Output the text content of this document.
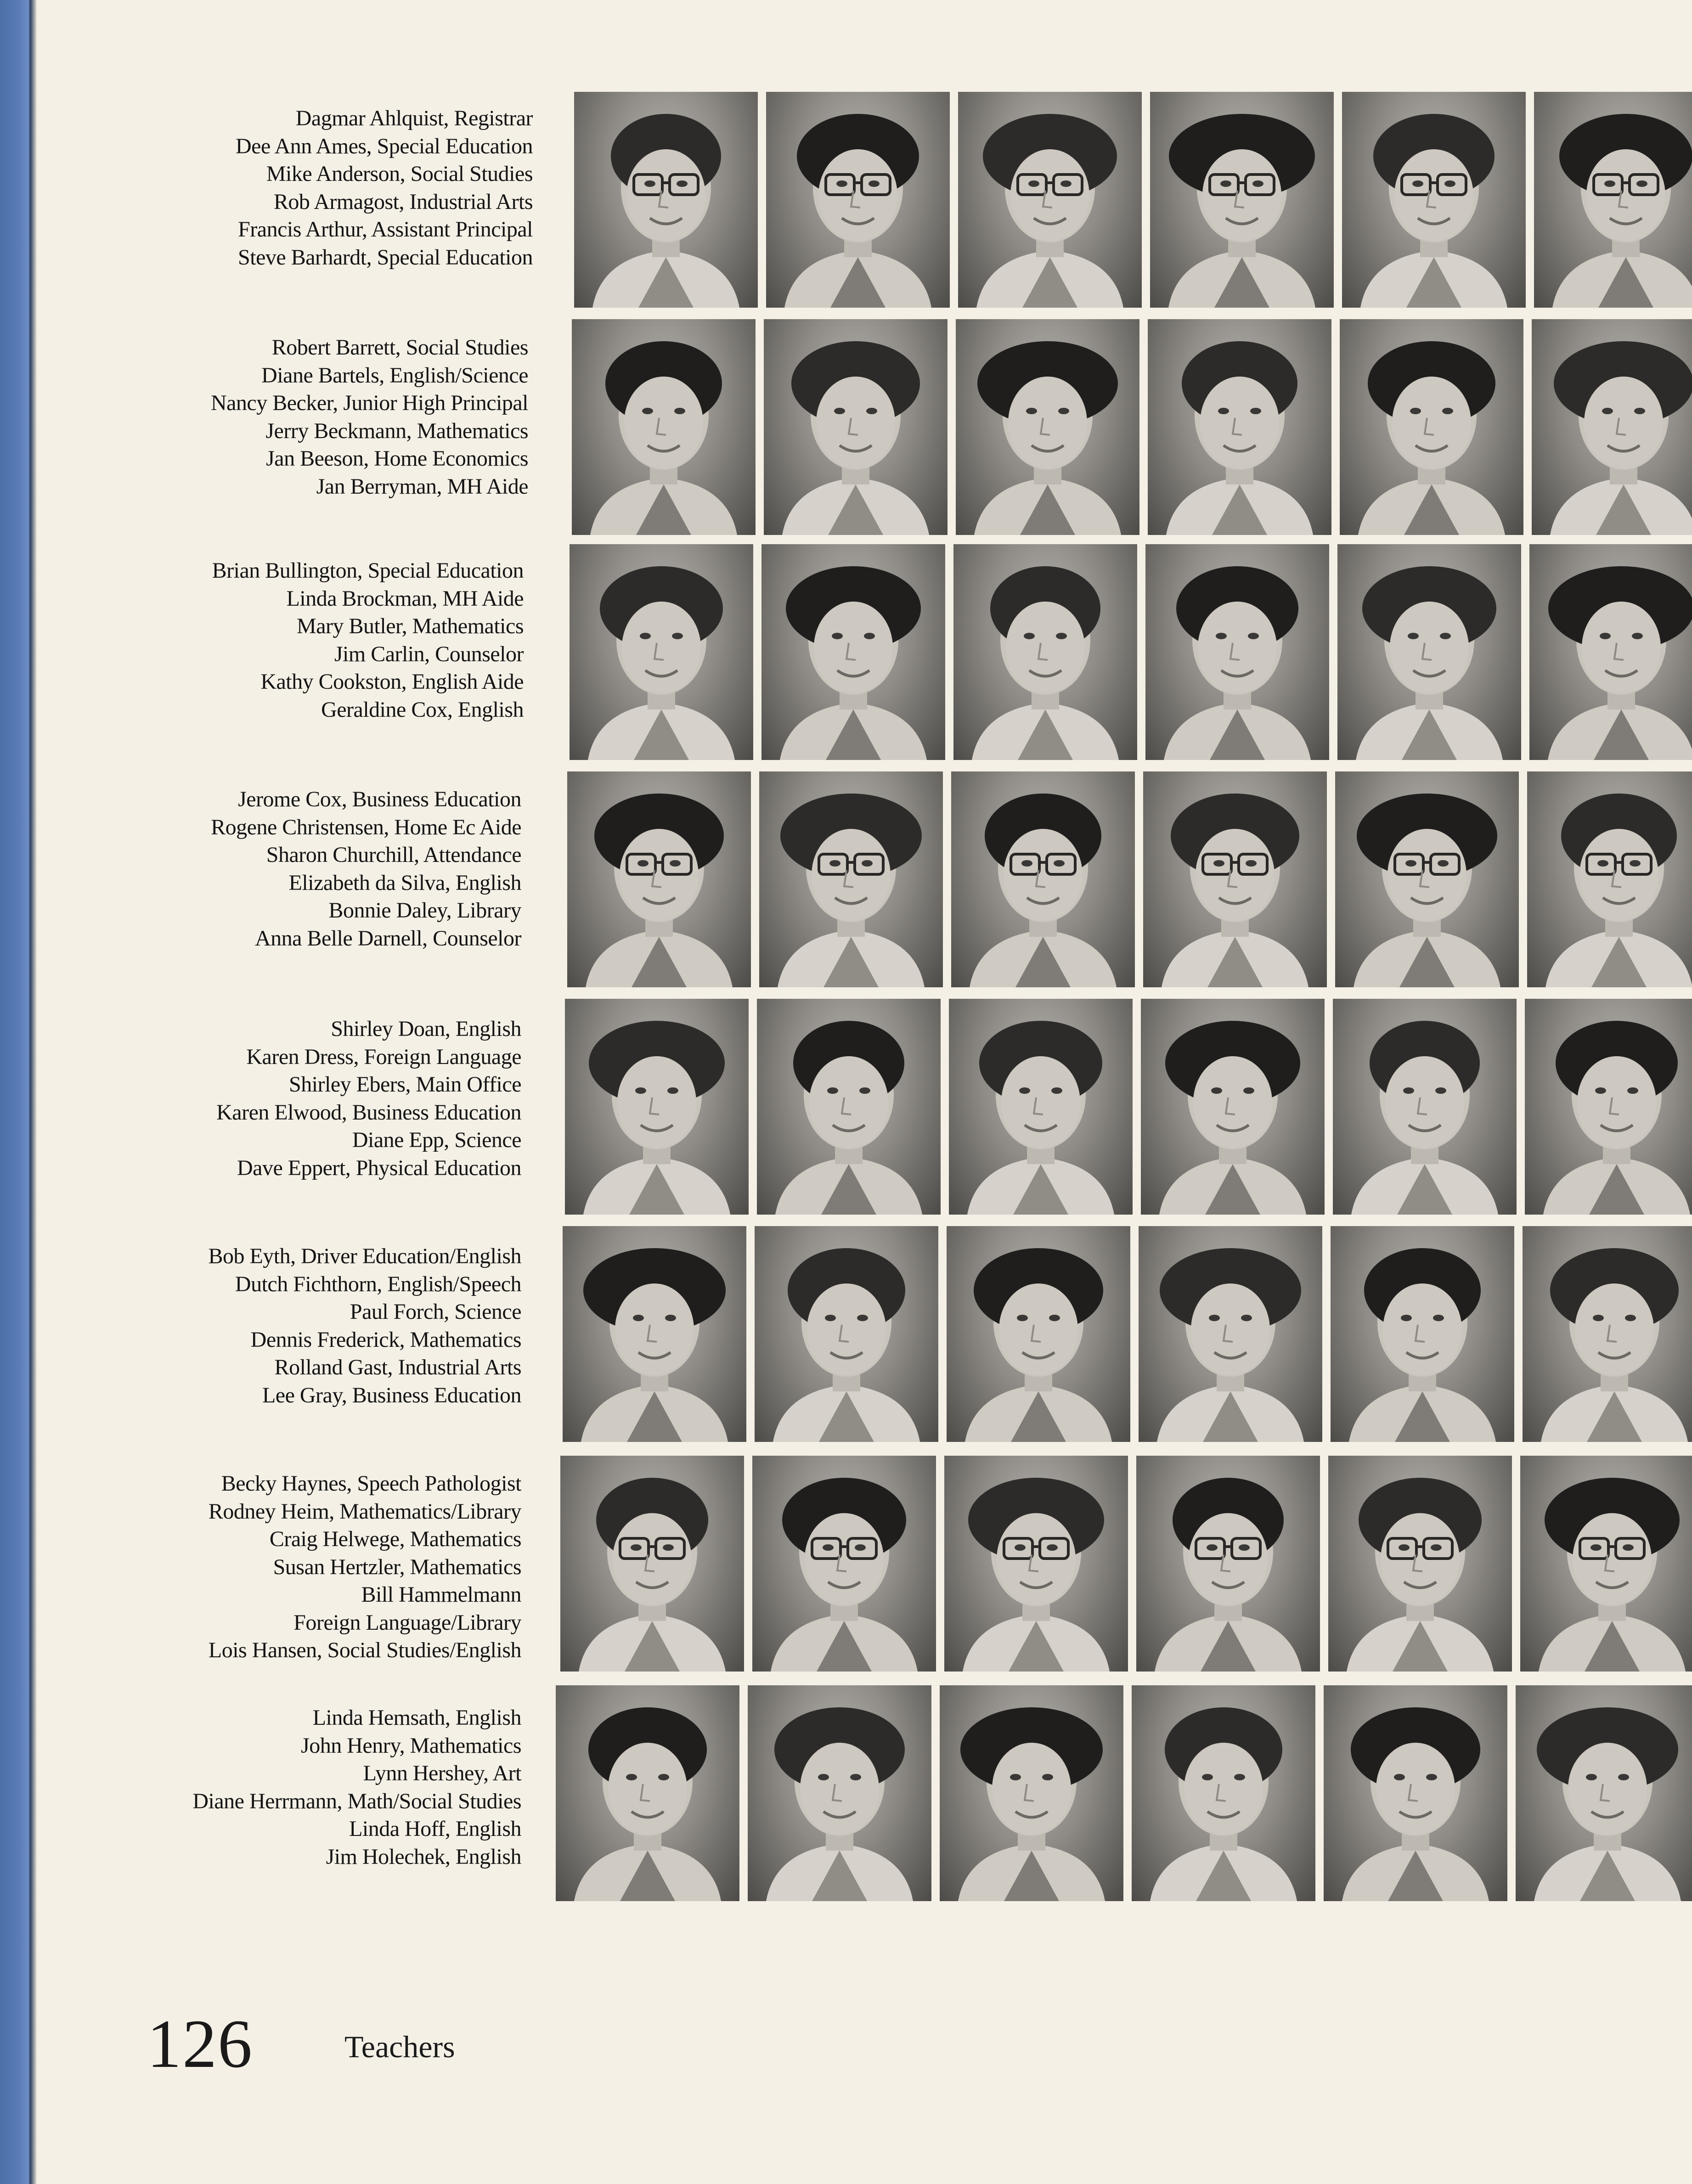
Dagmar Ahlquist, Registrar
Dee Ann Ames, Special Education
Mike Anderson, Social Studies
Rob Armagost, Industrial Arts
Francis Arthur, Assistant Principal
Steve Barhardt, Special Education
Robert Barrett, Social Studies
Diane Bartels, English/Science
Nancy Becker, Junior High Principal
Jerry Beckmann, Mathematics
Jan Beeson, Home Economics
Jan Berryman, MH Aide
Brian Bullington, Special Education
Linda Brockman, MH Aide
Mary Butler, Mathematics
Jim Carlin, Counselor
Kathy Cookston, English Aide
Geraldine Cox, English
Jerome Cox, Business Education
Rogene Christensen, Home Ec Aide
Sharon Churchill, Attendance
Elizabeth da Silva, English
Bonnie Daley, Library
Anna Belle Darnell, Counselor
Shirley Doan, English
Karen Dress, Foreign Language
Shirley Ebers, Main Office
Karen Elwood, Business Education
Diane Epp, Science
Dave Eppert, Physical Education
Bob Eyth, Driver Education/English
Dutch Fichthorn, English/Speech
Paul Forch, Science
Dennis Frederick, Mathematics
Rolland Gast, Industrial Arts
Lee Gray, Business Education
Becky Haynes, Speech Pathologist
Rodney Heim, Mathematics/Library
Craig Helwege, Mathematics
Susan Hertzler, Mathematics
Bill Hammelmann
Foreign Language/Library
Lois Hansen, Social Studies/English
Linda Hemsath, English
John Henry, Mathematics
Lynn Hershey, Art
Diane Herrmann, Math/Social Studies
Linda Hoff, English
Jim Holechek, English
126	Teachers
